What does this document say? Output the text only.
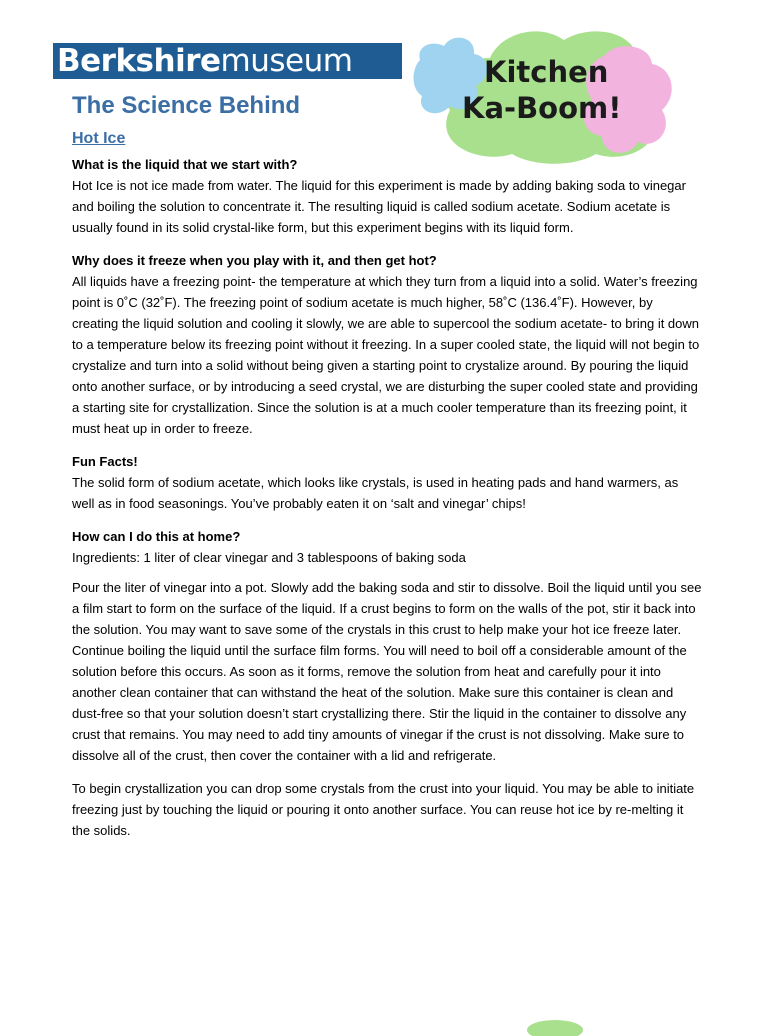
Berkshiremuseum	Kitchen
Ka-Boom!
The Science Behind
Hot Ice
What is the liquid that we start with?

Hot Ice is not ice made from water. The liquid for this experiment is made by adding baking soda to vinegar and boiling the solution to concentrate it. The resulting liquid is called sodium acetate. Sodium acetate is usually found in its solid crystal-like form, but this experiment begins with its liquid form.

Why does it freeze when you play with it, and then get hot?

All liquids have a freezing point- the temperature at which they turn from a liquid into a solid. Water’s freezing point is 0˚C (32˚F). The freezing point of sodium acetate is much higher, 58˚C (136.4˚F). However, by creating the liquid solution and cooling it slowly, we are able to supercool the sodium acetate- to bring it down to a temperature below its freezing point without it freezing. In a super cooled state, the liquid will not begin to crystalize and turn into a solid without being given a starting point to crystalize around. By pouring the liquid onto another surface, or by introducing a seed crystal, we are disturbing the super cooled state and providing a starting site for crystallization. Since the solution is at a much cooler temperature than its freezing point, it must heat up in order to freeze.

Fun Facts!

The solid form of sodium acetate, which looks like crystals, is used in heating pads and hand warmers, as well as in food seasonings. You’ve probably eaten it on ‘salt and vinegar’ chips!

How can I do this at home?

Ingredients: 1 liter of clear vinegar and 3 tablespoons of baking soda

Pour the liter of vinegar into a pot. Slowly add the baking soda and stir to dissolve. Boil the liquid until you see a film start to form on the surface of the liquid. If a crust begins to form on the walls of the pot, stir it back into the solution. You may want to save some of the crystals in this crust to help make your hot ice freeze later. Continue boiling the liquid until the surface film forms. You will need to boil off a considerable amount of the solution before this occurs. As soon as it forms, remove the solution from heat and carefully pour it into another clean container that can withstand the heat of the solution. Make sure this container is clean and dust-free so that your solution doesn’t start crystallizing there. Stir the liquid in the container to dissolve any crust that remains. You may need to add tiny amounts of vinegar if the crust is not dissolving. Make sure to dissolve all of the crust, then cover the container with a lid and refrigerate.

To begin crystallization you can drop some crystals from the crust into your liquid. You may be able to initiate freezing just by touching the liquid or pouring it onto another surface. You can reuse hot ice by re-melting it the solids.
